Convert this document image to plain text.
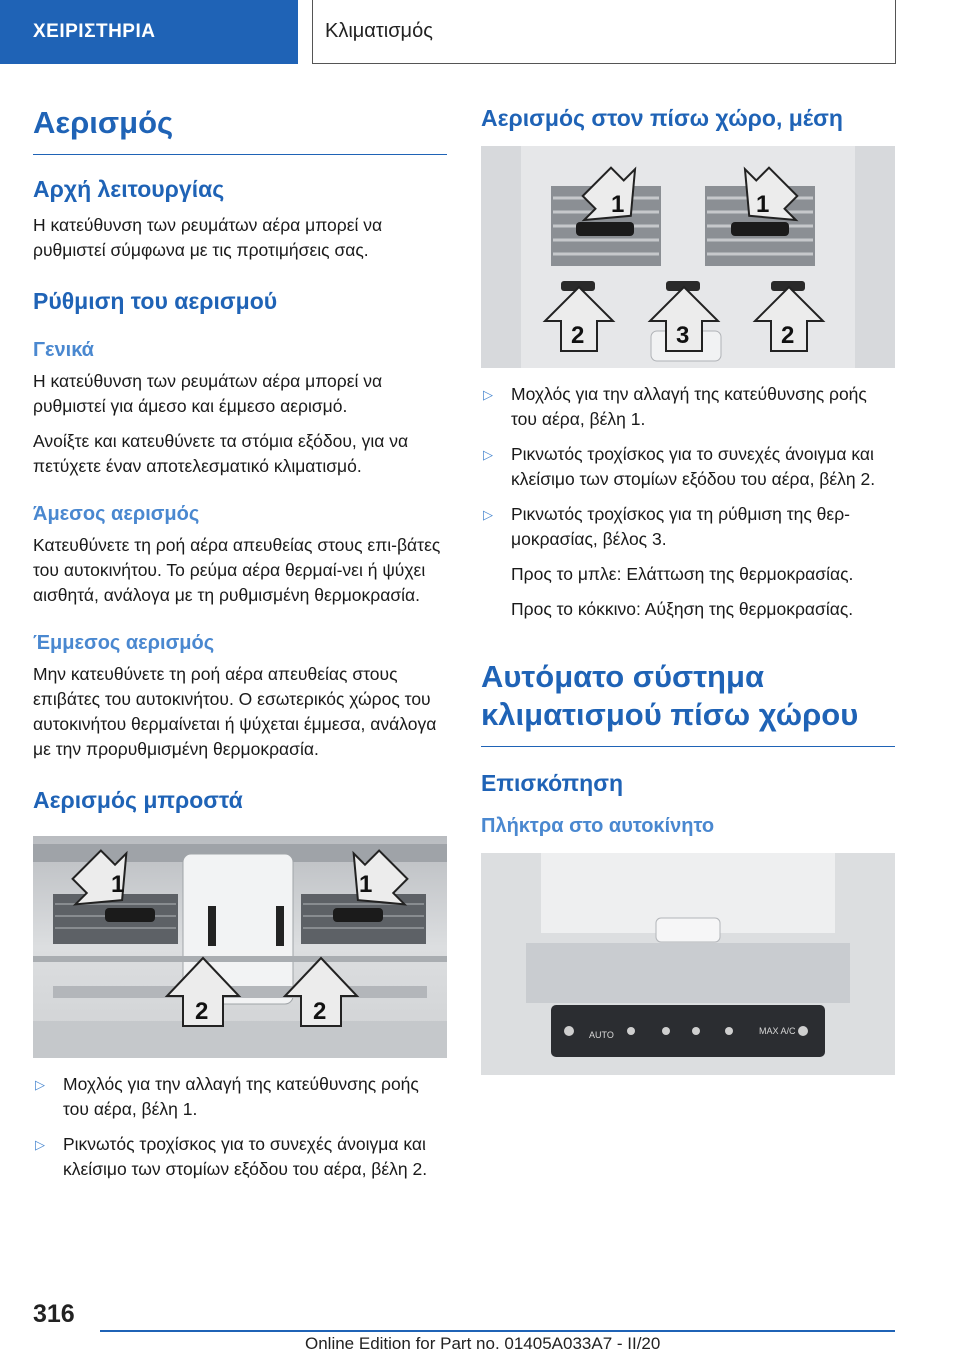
ΧΕΙΡΙΣΤΗΡΙΑ	Κλιματισμός
Αερισμός
Αρχή λειτουργίας

Η κατεύθυνση των ρευμάτων αέρα μπορεί να ρυθμιστεί σύμφωνα με τις προτιμήσεις σας.

Ρύθμιση του αερισμού
Γενικά

Η κατεύθυνση των ρευμάτων αέρα μπορεί να ρυθμιστεί για άμεσο και έμμεσο αερισμό.

Ανοίξτε και κατευθύνετε τα στόμια εξόδου, για να πετύχετε έναν αποτελεσματικό κλιματισμό.

Άμεσος αερισμός

Κατευθύνετε τη ροή αέρα απευθείας στους επι‐βάτες του αυτοκινήτου. Το ρεύμα αέρα θερμαί‐νει ή ψύχει αισθητά, ανάλογα με τη ρυθμισμένη θερμοκρασία.

Έμμεσος αερισμός

Μην κατευθύνετε τη ροή αέρα απευθείας στους επιβάτες του αυτοκινήτου. Ο εσωτερικός χώρος του αυτοκινήτου θερμαίνεται ή ψύχεται έμμεσα, ανάλογα με την προρυθμισμένη θερμοκρασία.

Αερισμός μπροστά
1	1
2	2
▷ Μοχλός για την αλλαγή της κατεύθυνσης ροής του αέρα, βέλη 1.
▷ Ρικνωτός τροχίσκος για το συνεχές άνοιγμα και κλείσιμο των στομίων εξόδου του αέρα, βέλη 2.
Αερισμός στον πίσω χώρο, μέση
1	1
2	3	2
▷ Μοχλός για την αλλαγή της κατεύθυνσης ροής του αέρα, βέλη 1.
▷ Ρικνωτός τροχίσκος για το συνεχές άνοιγμα και κλείσιμο των στομίων εξόδου του αέρα, βέλη 2.
▷ Ρικνωτός τροχίσκος για τη ρύθμιση της θερ‐μοκρασίας, βέλος 3.
Προς το μπλε: Ελάττωση της θερμοκρασίας.
Προς το κόκκινο: Αύξηση της θερμοκρασίας.
Αυτόματο σύστημα κλιματισμού πίσω χώρου
Επισκόπηση
Πλήκτρα στο αυτοκίνητο
AUTO	MAX A/C
316
Online Edition for Part no. 01405A033A7 - II/20
